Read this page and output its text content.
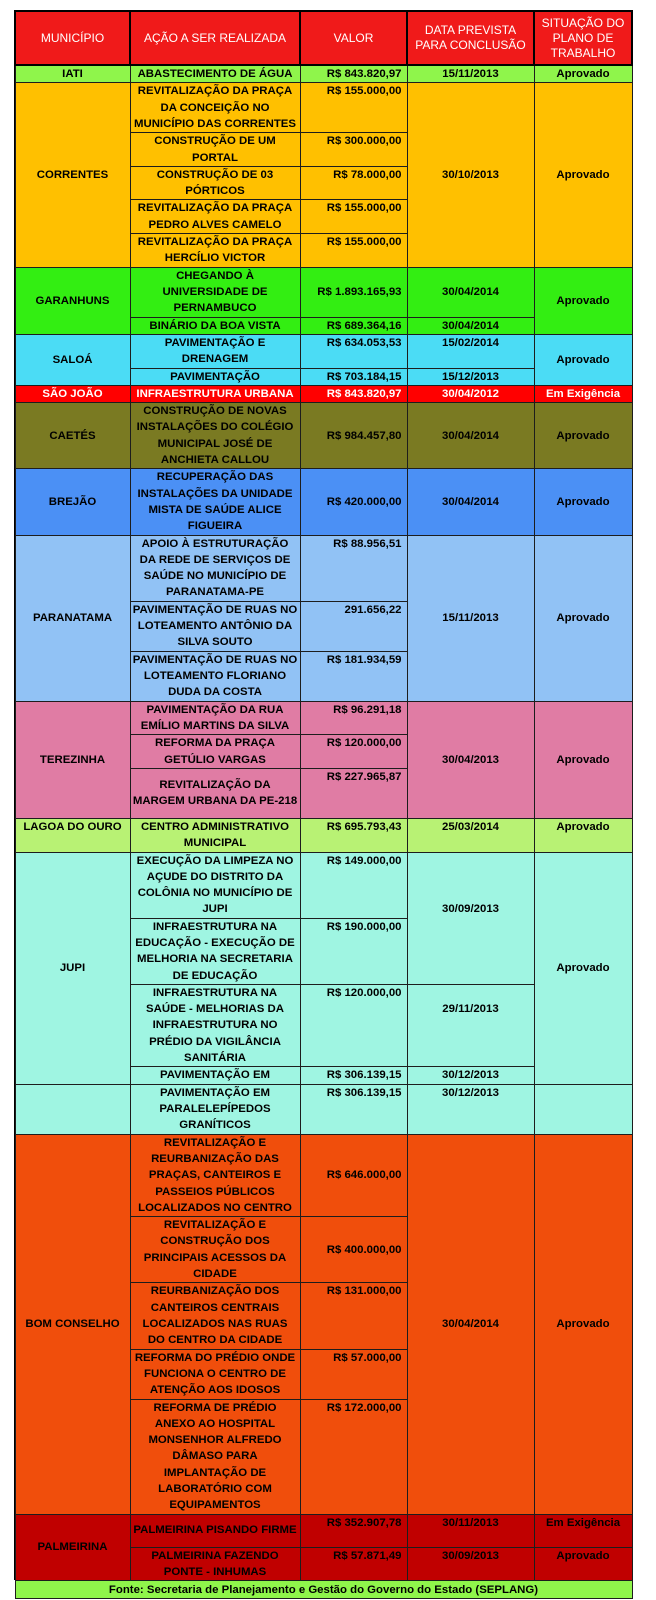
MUNICÍPIO	AÇÃO A SER REALIZADA	VALOR	DATA PREVISTA PARA CONCLUSÃO	SITUAÇÃO DO PLANO DE TRABALHO
IATI	ABASTECIMENTO DE ÁGUA	R$ 843.820,97	15/11/2013	Aprovado
CORRENTES	REVITALIZAÇÃO DA PRAÇA DA CONCEIÇÃO NO MUNICÍPIO DAS CORRENTES	R$ 155.000,00	30/10/2013	Aprovado
	CONSTRUÇÃO DE UM PORTAL	R$ 300.000,00		
	CONSTRUÇÃO DE 03 PÓRTICOS	R$ 78.000,00		
	REVITALIZAÇÃO DA PRAÇA PEDRO ALVES CAMELO	R$ 155.000,00		
	REVITALIZAÇÃO DA PRAÇA HERCÍLIO VICTOR	R$ 155.000,00		
GARANHUNS	CHEGANDO À UNIVERSIDADE DE PERNAMBUCO	R$ 1.893.165,93	30/04/2014	Aprovado
	BINÁRIO DA BOA VISTA	R$ 689.364,16	30/04/2014	
SALOÁ	PAVIMENTAÇÃO E DRENAGEM	R$ 634.053,53	15/02/2014	Aprovado
	PAVIMENTAÇÃO	R$ 703.184,15	15/12/2013	
SÃO JOÃO	INFRAESTRUTURA URBANA	R$ 843.820,97	30/04/2012	Em Exigência
CAETÉS	CONSTRUÇÃO DE NOVAS INSTALAÇÕES DO COLÉGIO MUNICIPAL JOSÉ DE ANCHIETA CALLOU	R$ 984.457,80	30/04/2014	Aprovado
BREJÃO	RECUPERAÇÃO DAS INSTALAÇÕES DA UNIDADE MISTA DE SAÚDE ALICE FIGUEIRA	R$ 420.000,00	30/04/2014	Aprovado
PARANATAMA	APOIO À ESTRUTURAÇÃO DA REDE DE SERVIÇOS DE SAÚDE NO MUNICÍPIO DE PARANATAMA-PE	R$ 88.956,51	15/11/2013	Aprovado
	PAVIMENTAÇÃO DE RUAS NO LOTEAMENTO ANTÔNIO DA SILVA SOUTO	291.656,22		
	PAVIMENTAÇÃO DE RUAS NO LOTEAMENTO FLORIANO DUDA DA COSTA	R$ 181.934,59		
TEREZINHA	PAVIMENTAÇÃO DA RUA EMÍLIO MARTINS DA SILVA	R$ 96.291,18	30/04/2013	Aprovado
	REFORMA DA PRAÇA GETÚLIO VARGAS	R$ 120.000,00		
	REVITALIZAÇÃO DA MARGEM URBANA DA PE-218	R$ 227.965,87		
LAGOA DO OURO	CENTRO ADMINISTRATIVO MUNICIPAL	R$ 695.793,43	25/03/2014	Aprovado
JUPI	EXECUÇÃO DA LIMPEZA NO AÇUDE DO DISTRITO DA COLÔNIA NO MUNICÍPIO DE JUPI	R$ 149.000,00	30/09/2013	Aprovado
	INFRAESTRUTURA NA EDUCAÇÃO - EXECUÇÃO DE MELHORIA NA SECRETARIA DE EDUCAÇÃO	R$ 190.000,00		
	INFRAESTRUTURA NA SAÚDE - MELHORIAS DA INFRAESTRUTURA NO PRÉDIO DA VIGILÂNCIA SANITÁRIA	R$ 120.000,00	29/11/2013	
	PAVIMENTAÇÃO EM	R$ 306.139,15	30/12/2013	
	PAVIMENTAÇÃO EM PARALELEPÍPEDOS GRANÍTICOS	R$ 306.139,15	30/12/2013	
BOM CONSELHO	REVITALIZAÇÃO E REURBANIZAÇÃO DAS PRAÇAS, CANTEIROS E PASSEIOS PÚBLICOS LOCALIZADOS NO CENTRO	R$ 646.000,00	30/04/2014	Aprovado
	REVITALIZAÇÃO E CONSTRUÇÃO DOS PRINCIPAIS ACESSOS DA CIDADE	R$ 400.000,00		
	REURBANIZAÇÃO DOS CANTEIROS CENTRAIS LOCALIZADOS NAS RUAS DO CENTRO DA CIDADE	R$ 131.000,00		
	REFORMA DO PRÉDIO ONDE FUNCIONA O CENTRO DE ATENÇÃO AOS IDOSOS	R$ 57.000,00		
	REFORMA DE PRÉDIO ANEXO AO HOSPITAL MONSENHOR ALFREDO DÂMASO PARA IMPLANTAÇÃO DE LABORATÓRIO COM EQUIPAMENTOS	R$ 172.000,00		
PALMEIRINA	PALMEIRINA PISANDO FIRME	R$ 352.907,78	30/11/2013	Em Exigência
	PALMEIRINA FAZENDO PONTE - INHUMAS	R$ 57.871,49	30/09/2013	Aprovado
Fonte: Secretaria de Planejamento e Gestão do Governo do Estado (SEPLANG)				
